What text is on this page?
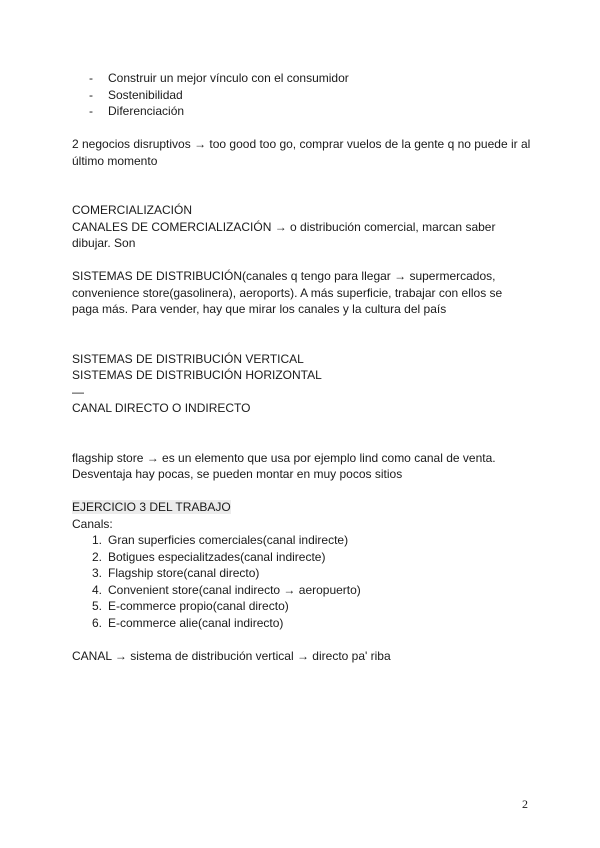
- Construir un mejor vínculo con el consumidor
- Sostenibilidad
- Diferenciación

2 negocios disruptivos → too good too go, comprar vuelos de la gente q no puede ir al último momento

COMERCIALIZACIÓN

CANALES DE COMERCIALIZACIÓN → o distribución comercial, marcan saber dibujar. Son

SISTEMAS DE DISTRIBUCIÓN(canales q tengo para llegar → supermercados, convenience store(gasolinera), aeroports). A más superficie, trabajar con ellos se paga más. Para vender, hay que mirar los canales y la cultura del país

SISTEMAS DE DISTRIBUCIÓN VERTICAL

SISTEMAS DE DISTRIBUCIÓN HORIZONTAL

—

CANAL DIRECTO O INDIRECTO

flagship store → es un elemento que usa por ejemplo lind como canal de venta. Desventaja hay pocas, se pueden montar en muy pocos sitios

EJERCICIO 3 DEL TRABAJO

Canals:

1. Gran superficies comerciales(canal indirecte)
2. Botigues especialitzades(canal indirecte)
3. Flagship store(canal directo)
4. Convenient store(canal indirecto → aeropuerto)
5. E-commerce propio(canal directo)
6. E-commerce alie(canal indirecto)

CANAL → sistema de distribución vertical → directo pa' riba

2
